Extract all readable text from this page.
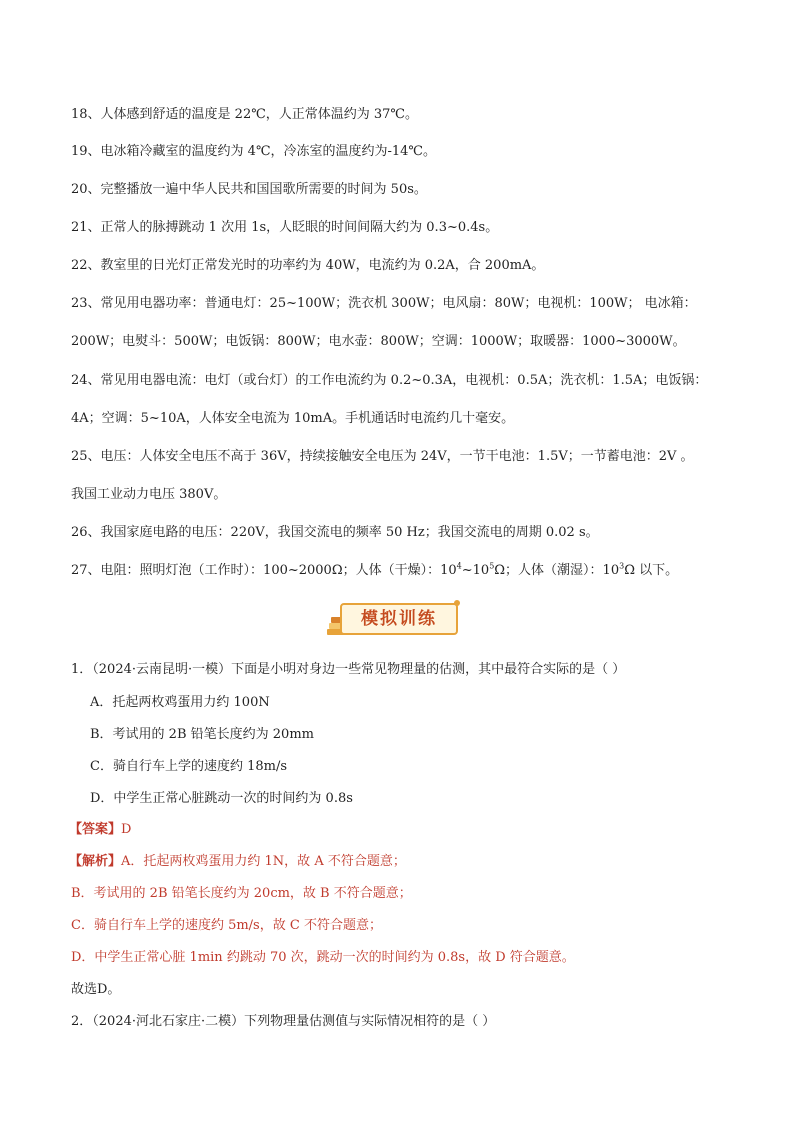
18、人体感到舒适的温度是 22℃，人正常体温约为 37℃。
19、电冰箱冷藏室的温度约为 4℃，冷冻室的温度约为-14℃。
20、完整播放一遍中华人民共和国国歌所需要的时间为 50s。
21、正常人的脉搏跳动 1 次用 1s，人眨眼的时间间隔大约为 0.3~0.4s。
22、教室里的日光灯正常发光时的功率约为 40W，电流约为 0.2A，合 200mA。
23、常见用电器功率：普通电灯：25~100W；洗衣机 300W；电风扇：80W；电视机：100W； 电冰箱：
200W；电熨斗：500W；电饭锅：800W；电水壶：800W；空调：1000W；取暖器：1000~3000W。
24、常见用电器电流：电灯（或台灯）的工作电流约为 0.2~0.3A，电视机：0.5A；洗衣机：1.5A；电饭锅：
4A；空调：5~10A，人体安全电流为 10mA。手机通话时电流约几十毫安。
25、电压：人体安全电压不高于 36V，持续接触安全电压为 24V，一节干电池：1.5V；一节蓄电池：2V 。
我国工业动力电压 380V。
26、我国家庭电路的电压：220V，我国交流电的频率 50 Hz；我国交流电的周期 0.02 s。
27、电阻：照明灯泡（工作时）：100~2000Ω；人体（干燥）：$10^4\sim 10^5\Omega$；人体（潮湿）：$10^3\Omega$ 以下。
模拟训练
1．（2024·云南昆明·一模）下面是小明对身边一些常见物理量的估测，其中最符合实际的是（ ）
A．托起两枚鸡蛋用力约 100N
B．考试用的 2B 铅笔长度约为 20mm
C．骑自行车上学的速度约 18m/s
D．中学生正常心脏跳动一次的时间约为 0.8s
【答案】D
【解析】A．托起两枚鸡蛋用力约 1N，故 A 不符合题意；
B．考试用的 2B 铅笔长度约为 20cm，故 B 不符合题意；
C．骑自行车上学的速度约 5m/s，故 C 不符合题意；
D．中学生正常心脏 1min 约跳动 70 次，跳动一次的时间约为 0.8s，故 D 符合题意。
故选D。
2．（2024·河北石家庄·二模）下列物理量估测值与实际情况相符的是（ ）
